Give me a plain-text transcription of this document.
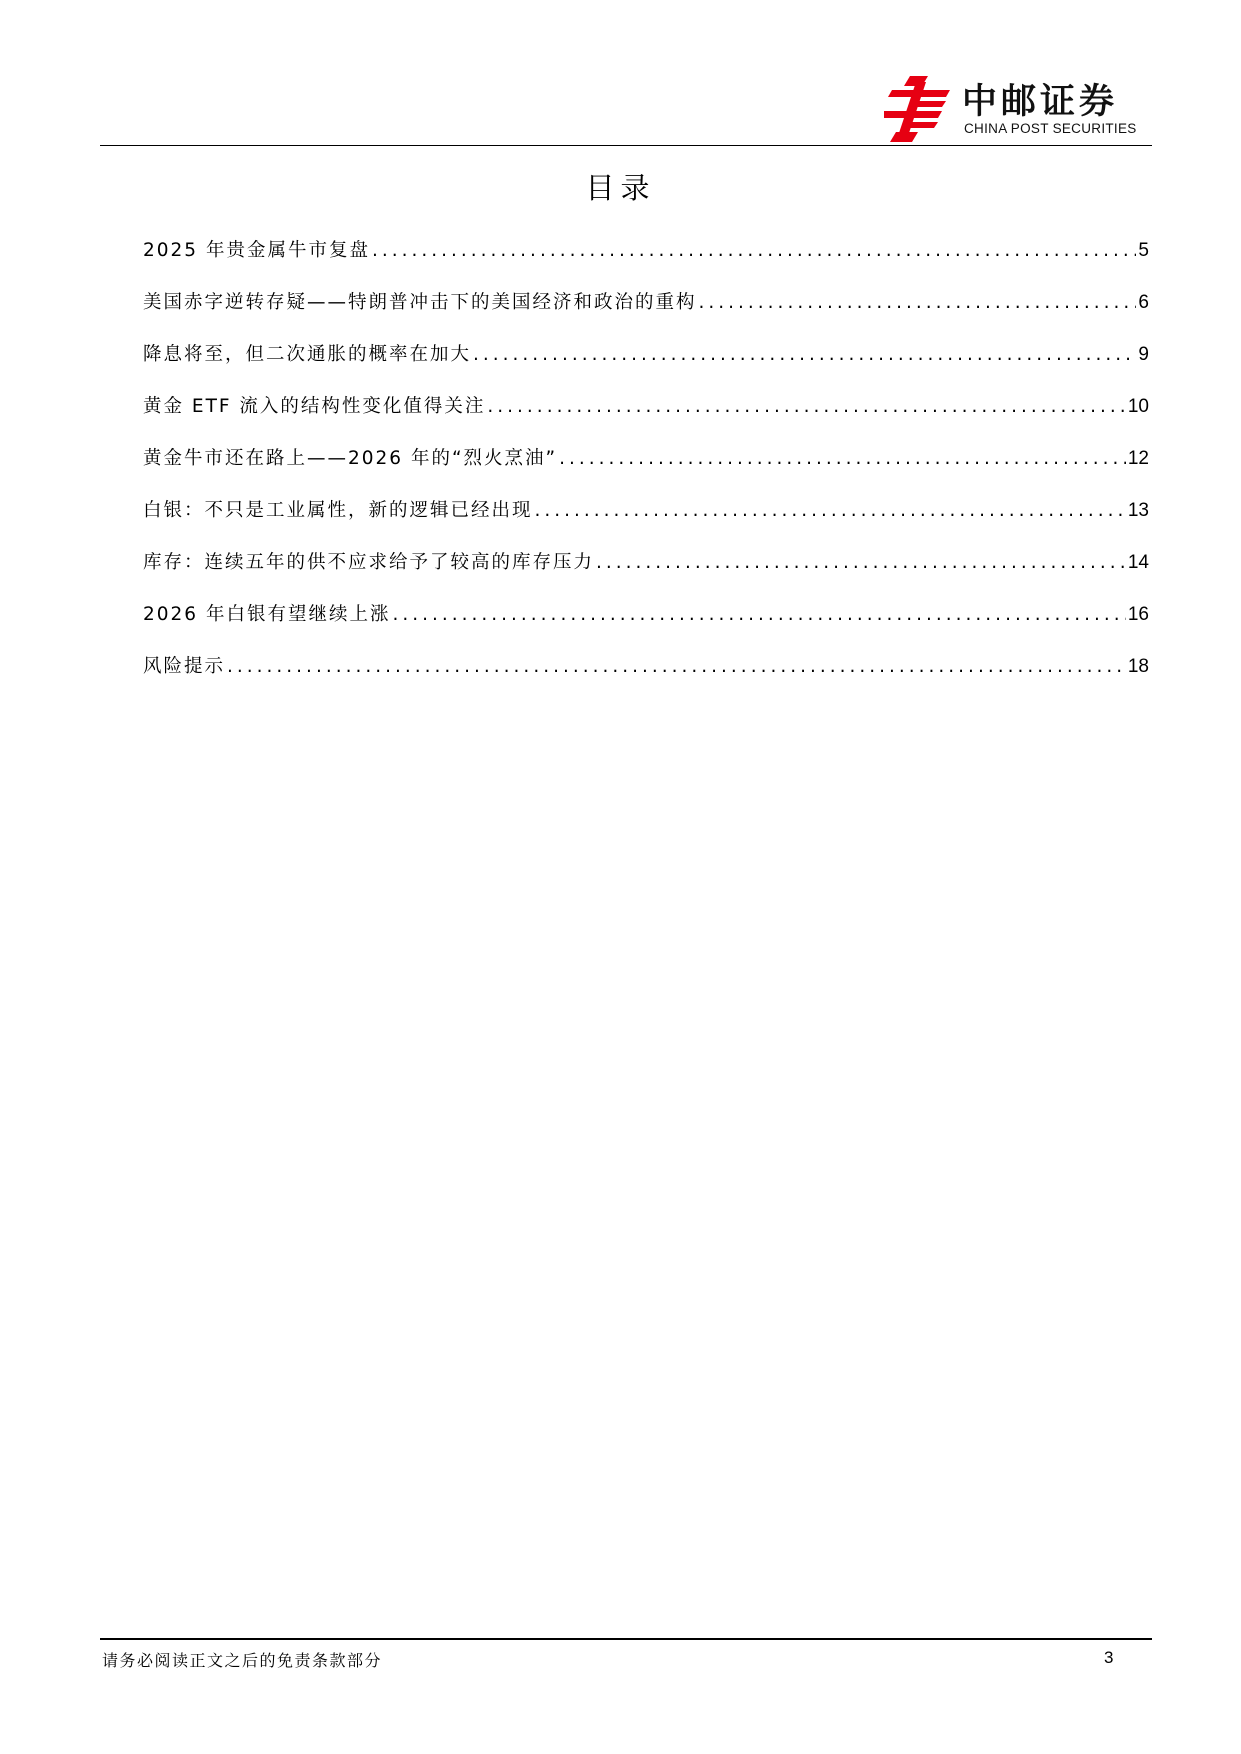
中邮证券
CHINA POST SECURITIES
目录
2025 年贵金属牛市复盘 .....	5
美国赤字逆转存疑——特朗普冲击下的美国经济和政治的重构 .....	6
降息将至，但二次通胀的概率在加大 .....	9
黄金 ETF 流入的结构性变化值得关注 .....	10
黄金牛市还在路上——2026 年的“烈火烹油” .....	12
白银：不只是工业属性，新的逻辑已经出现 .....	13
库存：连续五年的供不应求给予了较高的库存压力 .....	14
2026 年白银有望继续上涨 .....	16
风险提示 .....	18
请务必阅读正文之后的免责条款部分	3
